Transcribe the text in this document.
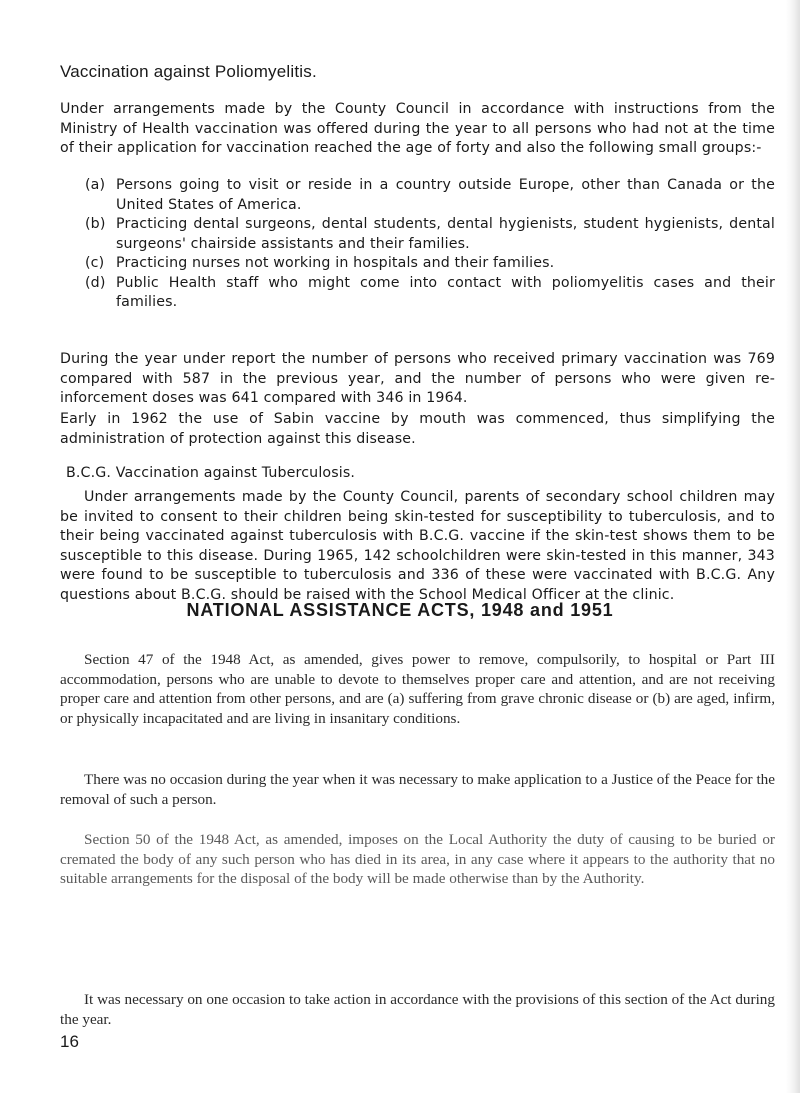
Vaccination against Poliomyelitis.

Under arrangements made by the County Council in accordance with instructions from the Ministry of Health vaccination was offered during the year to all persons who had not at the time of their application for vaccination reached the age of forty and also the following small groups:-

(a) Persons going to visit or reside in a country outside Europe, other than Canada or the United States of America.
(b) Practicing dental surgeons, dental students, dental hygienists, student hygienists, dental surgeons' chairside assistants and their families.
(c) Practicing nurses not working in hospitals and their families.
(d) Public Health staff who might come into contact with poliomyelitis cases and their families.

During the year under report the number of persons who received primary vaccination was 769 compared with 587 in the previous year, and the number of persons who were given re-inforcement doses was 641 compared with 346 in 1964.

Early in 1962 the use of Sabin vaccine by mouth was commenced, thus simplifying the administration of protection against this disease.

B.C.G. Vaccination against Tuberculosis.

Under arrangements made by the County Council, parents of secondary school children may be invited to consent to their children being skin-tested for susceptibility to tuberculosis, and to their being vaccinated against tuberculosis with B.C.G. vaccine if the skin-test shows them to be susceptible to this disease. During 1965, 142 schoolchildren were skin-tested in this manner, 343 were found to be susceptible to tuberculosis and 336 of these were vaccinated with B.C.G. Any questions about B.C.G. should be raised with the School Medical Officer at the clinic.

NATIONAL ASSISTANCE ACTS, 1948 and 1951

Section 47 of the 1948 Act, as amended, gives power to remove, compulsorily, to hospital or Part III accommodation, persons who are unable to devote to themselves proper care and attention, and are not receiving proper care and attention from other persons, and are (a) suffering from grave chronic disease or (b) are aged, infirm, or physically incapacitated and are living in insanitary conditions.

There was no occasion during the year when it was necessary to make application to a Justice of the Peace for the removal of such a person.

Section 50 of the 1948 Act, as amended, imposes on the Local Authority the duty of causing to be buried or cremated the body of any such person who has died in its area, in any case where it appears to the authority that no suitable arrangements for the disposal of the body will be made otherwise than by the Authority.

It was necessary on one occasion to take action in accordance with the provisions of this section of the Act during the year.

16
